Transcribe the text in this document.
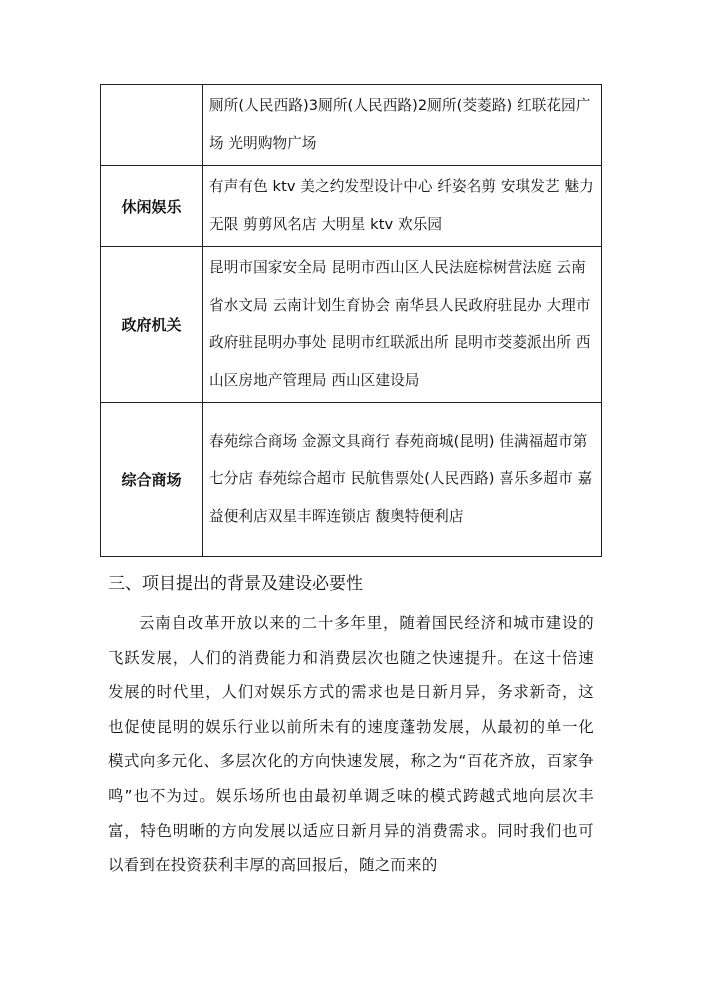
	厕所(人民西路)3厕所(人民西路)2厕所(茭菱路) 红联花园广场 光明购物广场
休闲娱乐	有声有色 ktv 美之约发型设计中心 纤姿名剪 安琪发艺 魅力无限 剪剪风名店 大明星 ktv 欢乐园
政府机关	昆明市国家安全局 昆明市西山区人民法庭棕树营法庭 云南省水文局 云南计划生育协会 南华县人民政府驻昆办 大理市政府驻昆明办事处 昆明市红联派出所 昆明市茭菱派出所 西山区房地产管理局 西山区建设局
综合商场	春苑综合商场 金源文具商行 春苑商城(昆明) 佳满福超市第七分店 春苑综合超市 民航售票处(人民西路) 喜乐多超市 嘉益便利店双星丰晖连锁店 馥奥特便利店
三、项目提出的背景及建设必要性
云南自改革开放以来的二十多年里，随着国民经济和城市建设的飞跃发展，人们的消费能力和消费层次也随之快速提升。在这十倍速发展的时代里，人们对娱乐方式的需求也是日新月异，务求新奇，这也促使昆明的娱乐行业以前所未有的速度蓬勃发展，从最初的单一化模式向多元化、多层次化的方向快速发展，称之为“百花齐放，百家争鸣”也不为过。娱乐场所也由最初单调乏味的模式跨越式地向层次丰富，特色明晰的方向发展以适应日新月异的消费需求。同时我们也可以看到在投资获利丰厚的高回报后，随之而来的
